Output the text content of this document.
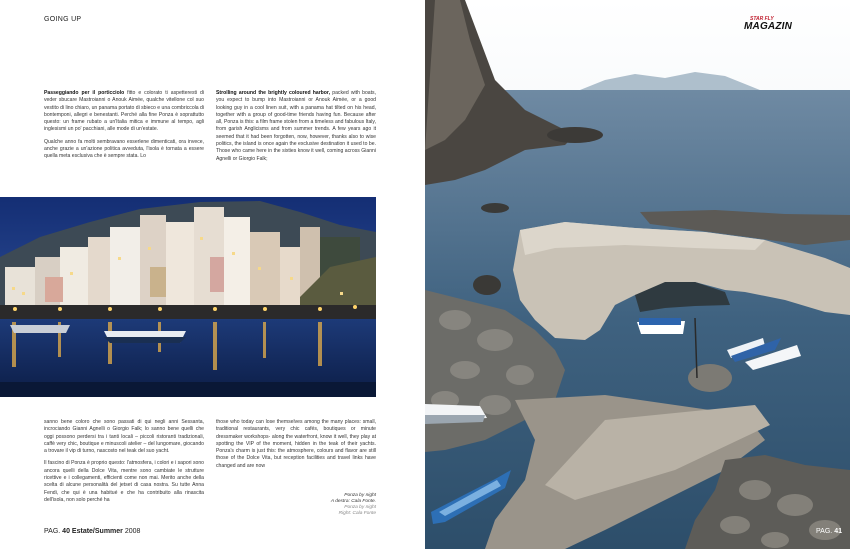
GOING UP

Passeggiando per il porticciolo fitto e colorato ti aspetteresti di veder sbucare Mastroianni o Anouk Aimée, qualche vitellone col suo vestito di lino chiaro, un panama portato di sbieco e una combriccola di bontemponi, allegri e benestanti. Perché alla fine Ponza è soprattutto questo: un frame rubato a un'Italia mitica e immune al tempo, agli inglesismi un po' pacchiani, alle mode di un'estate.

Qualche anno fa molti sembravano esserlene dimenticati, ora invece, anche grazie a un'azione politica avveduta, l'isola è tornata a essere quella meta esclusiva che è sempre stata. Lo

Strolling around the brightly coloured harbor, packed with boats, you expect to bump into Mastroianni or Anouk Aimée, or a good looking guy in a cool linen suit, with a panama hat tilted on his head, together with a group of good-time friends having fun. Because after all, Ponza is this: a film frame stolen from a timeless and fabulous Italy, from garish Anglicisms and from summer trends. A few years ago it seemed that it had been forgotten, now, however, thanks also to wise politics, the island is once again the exclusive destination it used to be. Those who came here in the sixties know it well, coming across Gianni Agnelli or Giorgio Falk;

sanno bene coloro che sono passati di qui negli anni Sessanta, incrociando Gianni Agnelli o Giorgio Falk; lo sanno bene quelli che oggi possono perdersi tra i tanti locali – piccoli ristoranti tradizionali, caffè very chic, boutique e minuscoli atelier – del lungomare, giocando a trovare il vip di turno, nascosto nel teak del suo yacht.

Il fascino di Ponza è proprio questo: l'atmosfera, i colori e i sapori sono ancora quelli della Dolce Vita, mentre sono cambiate le strutture ricettive e i collegamenti, efficienti come non mai. Merito anche della scelta di alcune personalità del jetset di casa nostra. Su tutte Anna Fendi, che qui è una habitué e che ha contribuito alla rinascita dell'isola, non solo perché ha

those who today can lose themselves among the many places: small, traditional restaurants, very chic cafés, boutiques or minute dressmaker workshops- along the waterfront, know it well, they play at spotting the VIP of the moment, hidden in the teak of their yachts. Ponza's charm is just this: the atmosphere, colours and flavor are still those of the Dolce Vita, but reception facilities and travel links have changed and are now

Ponza by night
A destra: Cala Fonte.
Ponza by night
Right: Cala Fonte
PAG. 40 Estate/Summer 2008
STAR FLY
MAGAZIN
PAG. 41
